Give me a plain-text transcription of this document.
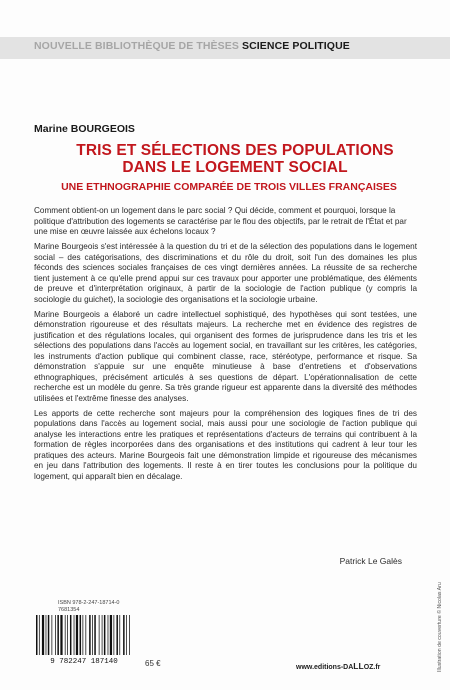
NOUVELLE BIBLIOTHÈQUE DE THÈSES SCIENCE POLITIQUE
Marine BOURGEOIS
TRIS ET SÉLECTIONS DES POPULATIONS DANS LE LOGEMENT SOCIAL
UNE ETHNOGRAPHIE COMPARÉE DE TROIS VILLES FRANÇAISES

Comment obtient-on un logement dans le parc social ? Qui décide, comment et pourquoi, lorsque la politique d'attribution des logements se caractérise par le flou des objectifs, par le retrait de l'État et par une mise en œuvre laissée aux échelons locaux ?

Marine Bourgeois s'est intéressée à la question du tri et de la sélection des populations dans le logement social – des catégorisations, des discriminations et du rôle du droit, soit l'un des domaines les plus féconds des sciences sociales françaises de ces vingt dernières années. La réussite de sa recherche tient justement à ce qu'elle prend appui sur ces travaux pour apporter une problématique, des éléments de preuve et d'interprétation originaux, à partir de la sociologie de l'action publique (y compris la sociologie du guichet), la sociologie des organisations et la sociologie urbaine.

Marine Bourgeois a élaboré un cadre intellectuel sophistiqué, des hypothèses qui sont testées, une démonstration rigoureuse et des résultats majeurs. La recherche met en évidence des registres de justification et des régulations locales, qui organisent des formes de jurisprudence dans les tris et les sélections des populations dans l'accès au logement social, en travaillant sur les critères, les catégories, les instruments d'action publique qui combinent classe, race, stéréotype, performance et risque. Sa démonstration s'appuie sur une enquête minutieuse à base d'entretiens et d'observations ethnographiques, précisément articulés à ses questions de départ. L'opérationnalisation de cette recherche est un modèle du genre. Sa très grande rigueur est apparente dans la diversité des méthodes utilisées et l'extrême finesse des analyses.

Les apports de cette recherche sont majeurs pour la compréhension des logiques fines de tri des populations dans l'accès au logement social, mais aussi pour une sociologie de l'action publique qui analyse les interactions entre les pratiques et représentations d'acteurs de terrains qui contribuent à la formation de règles incorporées dans des organisations et des institutions qui cadrent à leur tour les pratiques des acteurs. Marine Bourgeois fait une démonstration limpide et rigoureuse des mécanismes en jeu dans l'attribution des logements. Il reste à en tirer toutes les conclusions pour la politique du logement, qui apparaît bien en décalage.

Patrick Le Galès
ISBN 978-2-247-18714-0
7681354
9 782247 187140	65 €	www.editions-DALLOZ.fr	Illustration de couverture © Nicolas Aru
